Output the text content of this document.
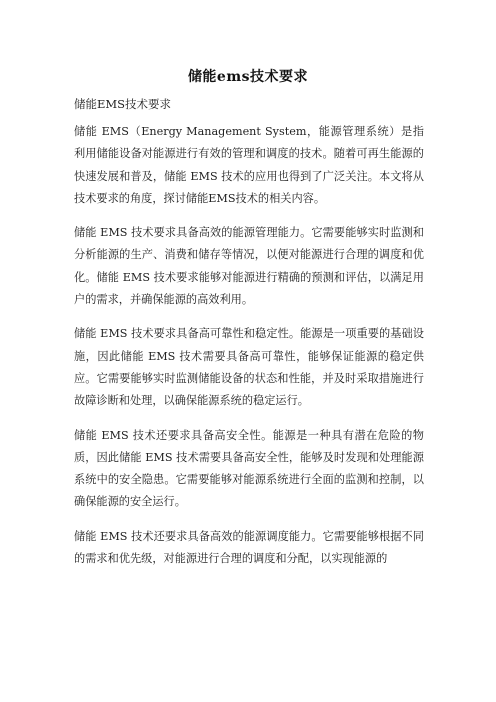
储能ems技术要求
储能EMS技术要求

储能 EMS（Energy Management System，能源管理系统）是指利用储能设备对能源进行有效的管理和调度的技术。随着可再生能源的快速发展和普及，储能 EMS 技术的应用也得到了广泛关注。本文将从技术要求的角度，探讨储能EMS技术的相关内容。

储能 EMS 技术要求具备高效的能源管理能力。它需要能够实时监测和分析能源的生产、消费和储存等情况，以便对能源进行合理的调度和优化。储能 EMS 技术要求能够对能源进行精确的预测和评估，以满足用户的需求，并确保能源的高效利用。

储能 EMS 技术要求具备高可靠性和稳定性。能源是一项重要的基础设施，因此储能 EMS 技术需要具备高可靠性，能够保证能源的稳定供应。它需要能够实时监测储能设备的状态和性能，并及时采取措施进行故障诊断和处理，以确保能源系统的稳定运行。

储能 EMS 技术还要求具备高安全性。能源是一种具有潜在危险的物质，因此储能 EMS 技术需要具备高安全性，能够及时发现和处理能源系统中的安全隐患。它需要能够对能源系统进行全面的监测和控制，以确保能源的安全运行。

储能 EMS 技术还要求具备高效的能源调度能力。它需要能够根据不同的需求和优先级，对能源进行合理的调度和分配，以实现能源的
